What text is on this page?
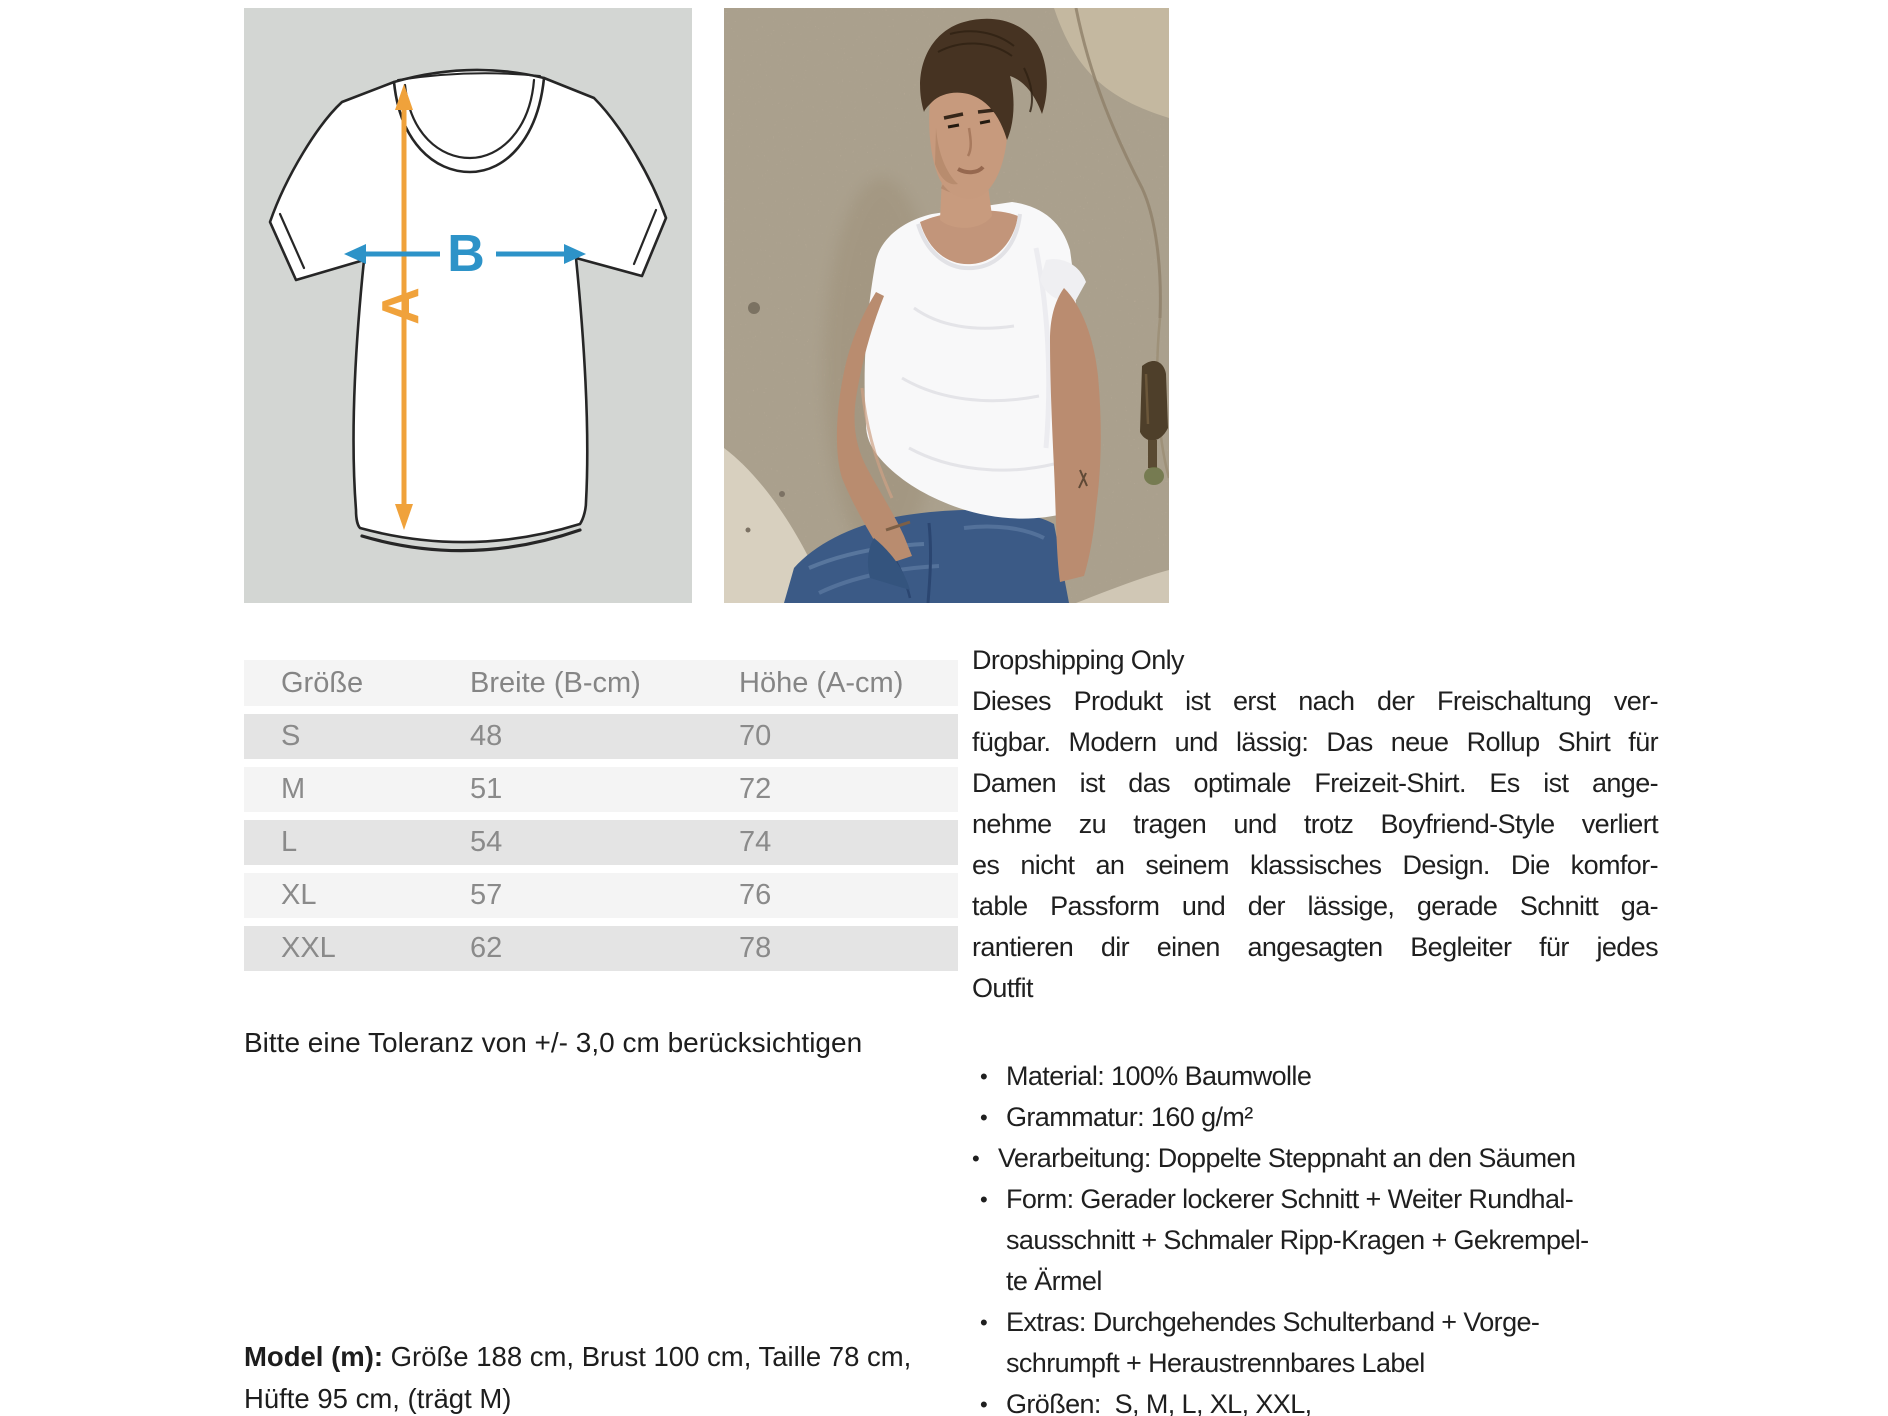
A
B
Größe	Breite (B-cm)	Höhe (A-cm)
S	48	70
M	51	72
L	54	74
XL	57	76
XXL	62	78

Bitte eine Toleranz von +/- 3,0 cm berücksichtigen

Model (m): Größe 188 cm, Brust 100 cm, Taille 78 cm,
Hüfte 95 cm, (trägt M)
Dropshipping Only
Dieses Produkt ist erst nach der Freischaltung ver-
fügbar. Modern und lässig: Das neue Rollup Shirt für
Damen ist das optimale Freizeit-Shirt. Es ist ange-
nehme zu tragen und trotz Boyfriend-Style verliert
es nicht an seinem klassisches Design. Die komfor-
table Passform und der lässige, gerade Schnitt ga-
rantieren dir einen angesagten Begleiter für jedes
Outfit
• Material: 100% Baumwolle
• Grammatur: 160 g/m²
• Verarbeitung: Doppelte Steppnaht an den Säumen
• Form: Gerader lockerer Schnitt + Weiter Rundhal-
sausschnitt + Schmaler Ripp-Kragen + Gekrempel-
te Ärmel
• Extras: Durchgehendes Schulterband + Vorge-
schrumpft + Heraustrennbares Label
• Größen:  S, M, L, XL, XXL,
